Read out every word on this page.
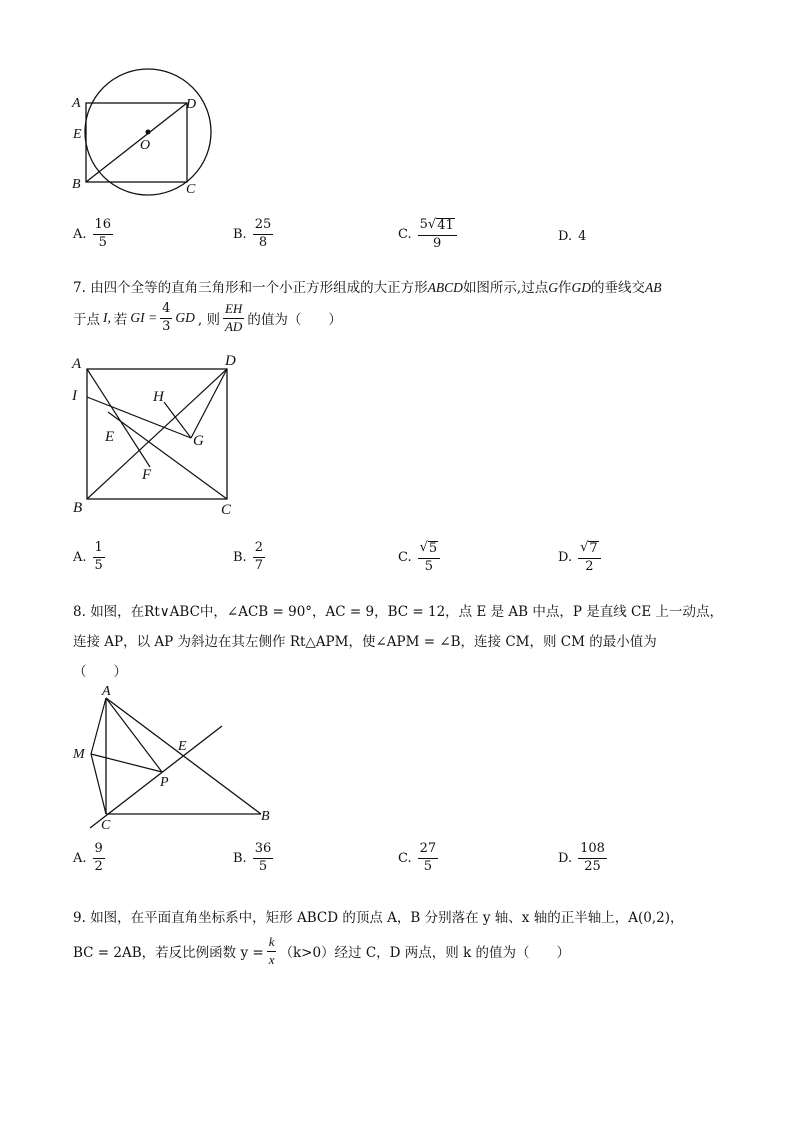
A
E
B	C
D
O
A. $\frac{16}{5}$	B. $\frac{25}{8}$	C. $\frac{5√ 41}{9}$	D. 4
7. 由四个全等的直角三角形和一个小正方形组成的大正方形ABCD如图所示,过点G作GD的垂线交AB
于点 I, 若 GI = $\frac{4}{3}$ GD , 则 $\frac{EH}{AD}$ 的值为（　　）
A	D
I	H
E	G
F
B	C
A. $\frac{1}{5}$	B. $\frac{2}{7}$	C. $\frac{√ 5}{5}$	D. $\frac{√ 7}{2}$
8. 如图，在Rt∨ABC中，∠ACB = 90°，AC = 9，BC = 12，点 E 是 AB 中点，P 是直线 CE 上一动点，
连接 AP，以 AP 为斜边在其左侧作 Rt△APM，使∠APM = ∠B，连接 CM，则 CM 的最小值为
（　　）
A
M
E
P
C
B
A. $\frac{9}{2}$	B. $\frac{36}{5}$	C. $\frac{27}{5}$	D. $\frac{108}{25}$
9. 如图，在平面直角坐标系中，矩形 ABCD 的顶点 A，B 分别落在 y 轴、x 轴的正半轴上，A(0,2)，
BC = 2AB，若反比例函数 $y = \frac{k}{x} (k>0)$经过 C，D 两点，则 k 的值为（　　）
